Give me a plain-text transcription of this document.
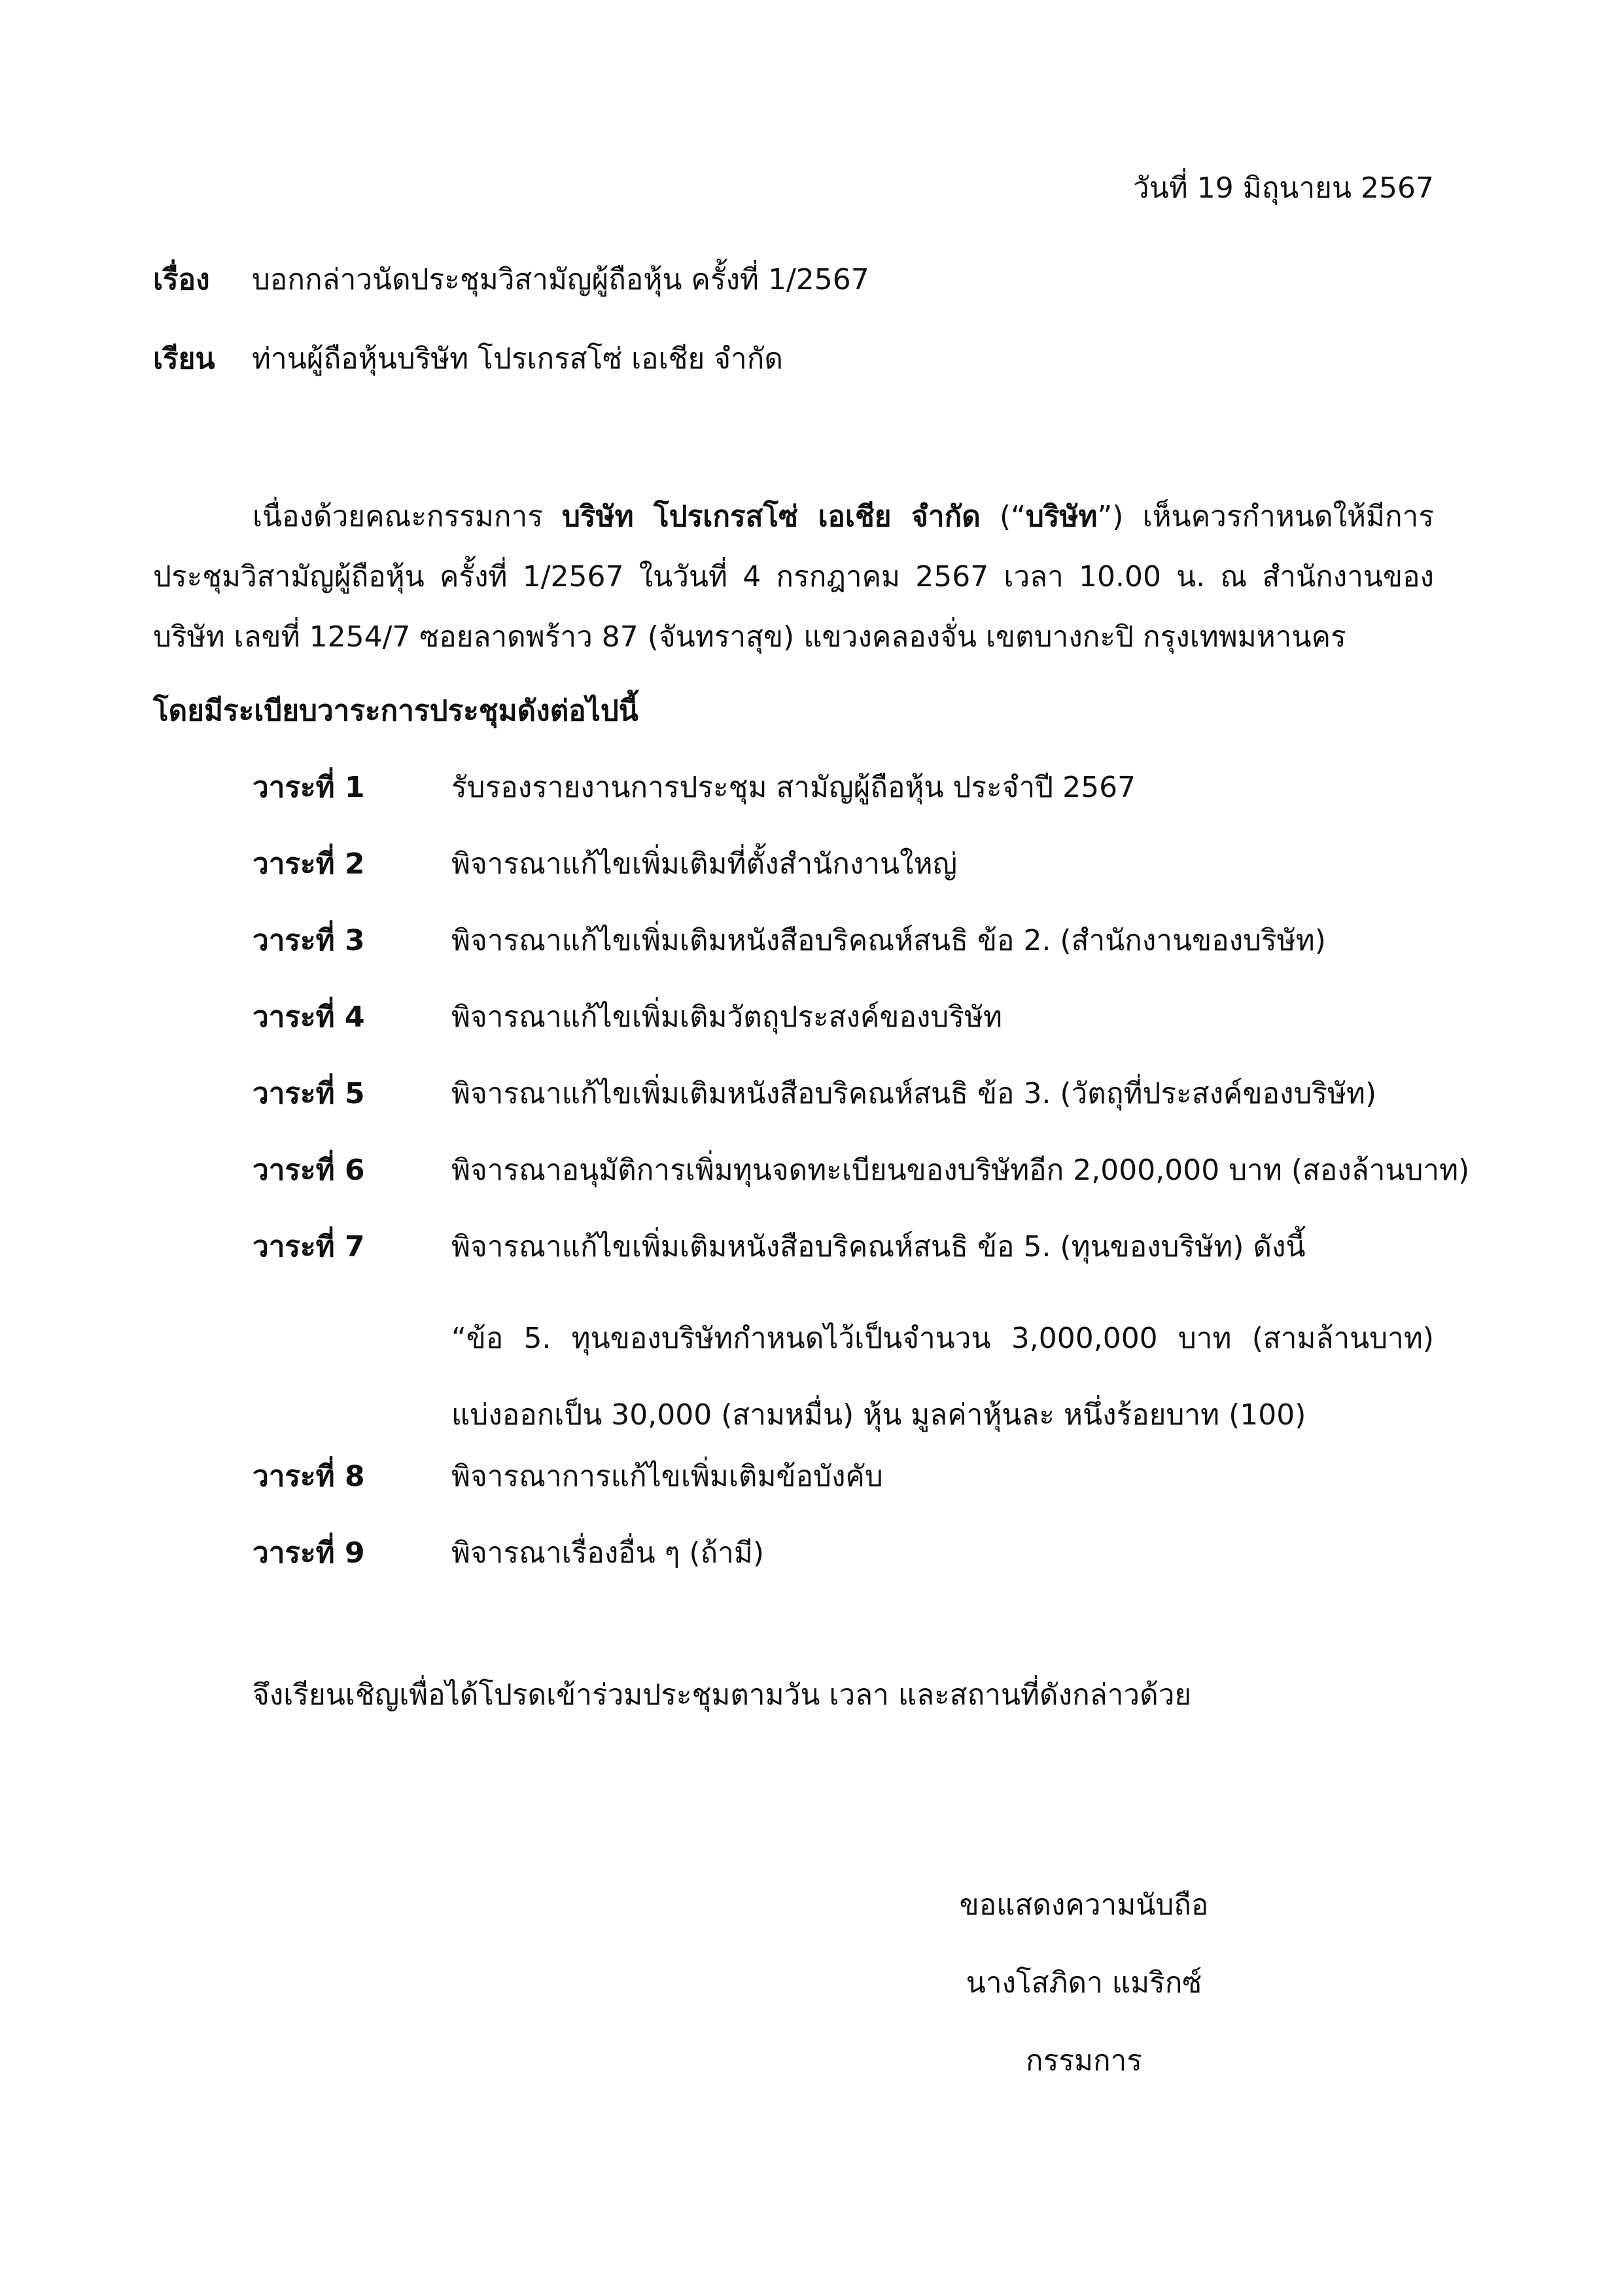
วันที่ 19 มิถุนายน 2567
เรื่อง บอกกล่าวนัดประชุมวิสามัญผู้ถือหุ้น ครั้งที่ 1/2567
เรียน ท่านผู้ถือหุ้นบริษัท โปรเกรสโซ่ เอเชีย จำกัด
เนื่องด้วยคณะกรรมการ บริษัท โปรเกรสโซ่ เอเชีย จำกัด (“บริษัท”) เห็นควรกำหนดให้มีการประชุมวิสามัญผู้ถือหุ้น ครั้งที่ 1/2567 ในวันที่ 4 กรกฎาคม 2567 เวลา 10.00 น. ณ สำนักงานของบริษัท เลขที่ 1254/7 ซอยลาดพร้าว 87 (จันทราสุข) แขวงคลองจั่น เขตบางกะปิ กรุงเทพมหานคร
โดยมีระเบียบวาระการประชุมดังต่อไปนี้
วาระที่ 1	รับรองรายงานการประชุม สามัญผู้ถือหุ้น ประจำปี 2567
วาระที่ 2	พิจารณาแก้ไขเพิ่มเติมที่ตั้งสำนักงานใหญ่
วาระที่ 3	พิจารณาแก้ไขเพิ่มเติมหนังสือบริคณห์สนธิ ข้อ 2. (สำนักงานของบริษัท)
วาระที่ 4	พิจารณาแก้ไขเพิ่มเติมวัตถุประสงค์ของบริษัท
วาระที่ 5	พิจารณาแก้ไขเพิ่มเติมหนังสือบริคณห์สนธิ ข้อ 3. (วัตถุที่ประสงค์ของบริษัท)
วาระที่ 6	พิจารณาอนุมัติการเพิ่มทุนจดทะเบียนของบริษัทอีก 2,000,000 บาท (สองล้านบาท)
วาระที่ 7	พิจารณาแก้ไขเพิ่มเติมหนังสือบริคณห์สนธิ ข้อ 5. (ทุนของบริษัท) ดังนี้
“ข้อ 5. ทุนของบริษัทกำหนดไว้เป็นจำนวน 3,000,000 บาท (สามล้านบาท) แบ่งออกเป็น 30,000 (สามหมื่น) หุ้น มูลค่าหุ้นละ หนึ่งร้อยบาท (100)
วาระที่ 8	พิจารณาการแก้ไขเพิ่มเติมข้อบังคับ
วาระที่ 9	พิจารณาเรื่องอื่น ๆ (ถ้ามี)
จึงเรียนเชิญเพื่อได้โปรดเข้าร่วมประชุมตามวัน เวลา และสถานที่ดังกล่าวด้วย
ขอแสดงความนับถือ
นางโสภิดา แมริกซ์
กรรมการ
